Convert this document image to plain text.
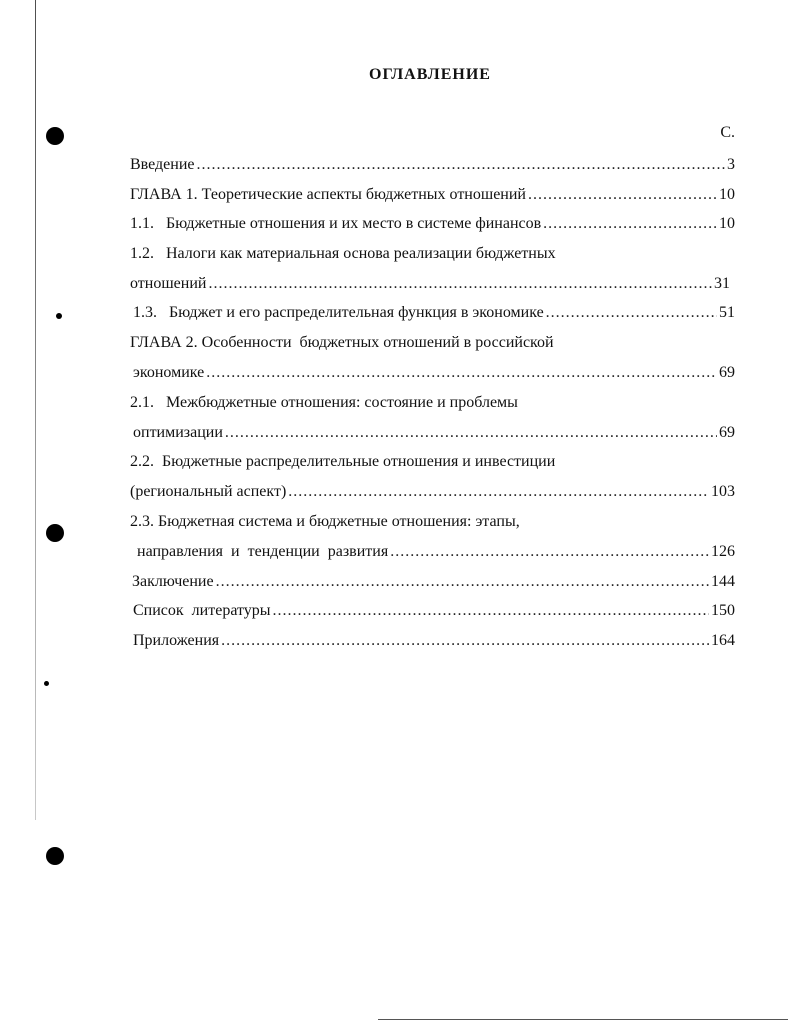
ОГЛАВЛЕНИЕ
С.
Введение .....	3
ГЛАВА 1. Теоретические аспекты бюджетных отношений .....	10
1.1.   Бюджетные отношения и их место в системе финансов .....	10
1.2.   Налоги как материальная основа реализации бюджетных
отношений .....	31
1.3.   Бюджет и его распределительная функция в экономике .....	51
ГЛАВА 2. Особенности  бюджетных отношений в российской
экономике .....	69
2.1.   Межбюджетные отношения: состояние и проблемы
оптимизации .....	69
2.2.  Бюджетные распределительные отношения и инвестиции
(региональный аспект) .....	103
2.3. Бюджетная система и бюджетные отношения: этапы,
направления  и  тенденции  развития .....	126
Заключение .....	144
Список  литературы .....	150
Приложения .....	164
